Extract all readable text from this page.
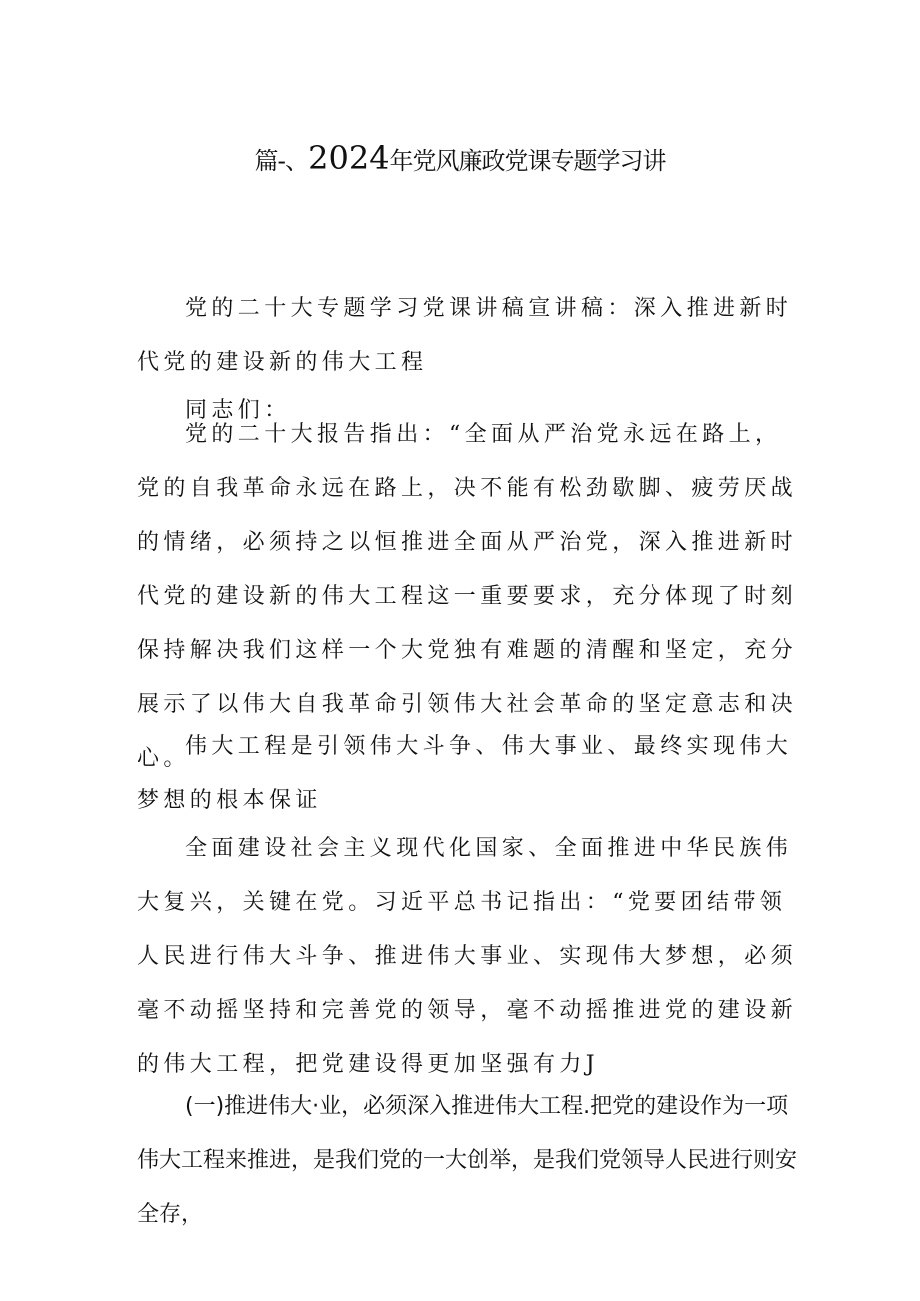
篇-、2024年党风廉政党课专题学习讲

党的二十大专题学习党课讲稿宣讲稿：深入推进新时代党的建设新的伟大工程

同志们：

党的二十大报告指出：“全面从严治党永远在路上，党的自我革命永远在路上，决不能有松劲歇脚、疲劳厌战的情绪，必须持之以恒推进全面从严治党，深入推进新时代党的建设新的伟大工程这一重要要求，充分体现了时刻保持解决我们这样一个大党独有难题的清醒和坚定，充分展示了以伟大自我革命引领伟大社会革命的坚定意志和决心。

伟大工程是引领伟大斗争、伟大事业、最终实现伟大梦想的根本保证

全面建设社会主义现代化国家、全面推进中华民族伟大复兴，关键在党。习近平总书记指出：“党要团结带领人民进行伟大斗争、推进伟大事业、实现伟大梦想，必须毫不动摇坚持和完善党的领导，毫不动摇推进党的建设新的伟大工程，把党建设得更加坚强有力J

(一)推进伟大·业，必须深入推进伟大工程.把党的建设作为一项伟大工程来推进，是我们党的一大创举，是我们党领导人民进行则安全存，
